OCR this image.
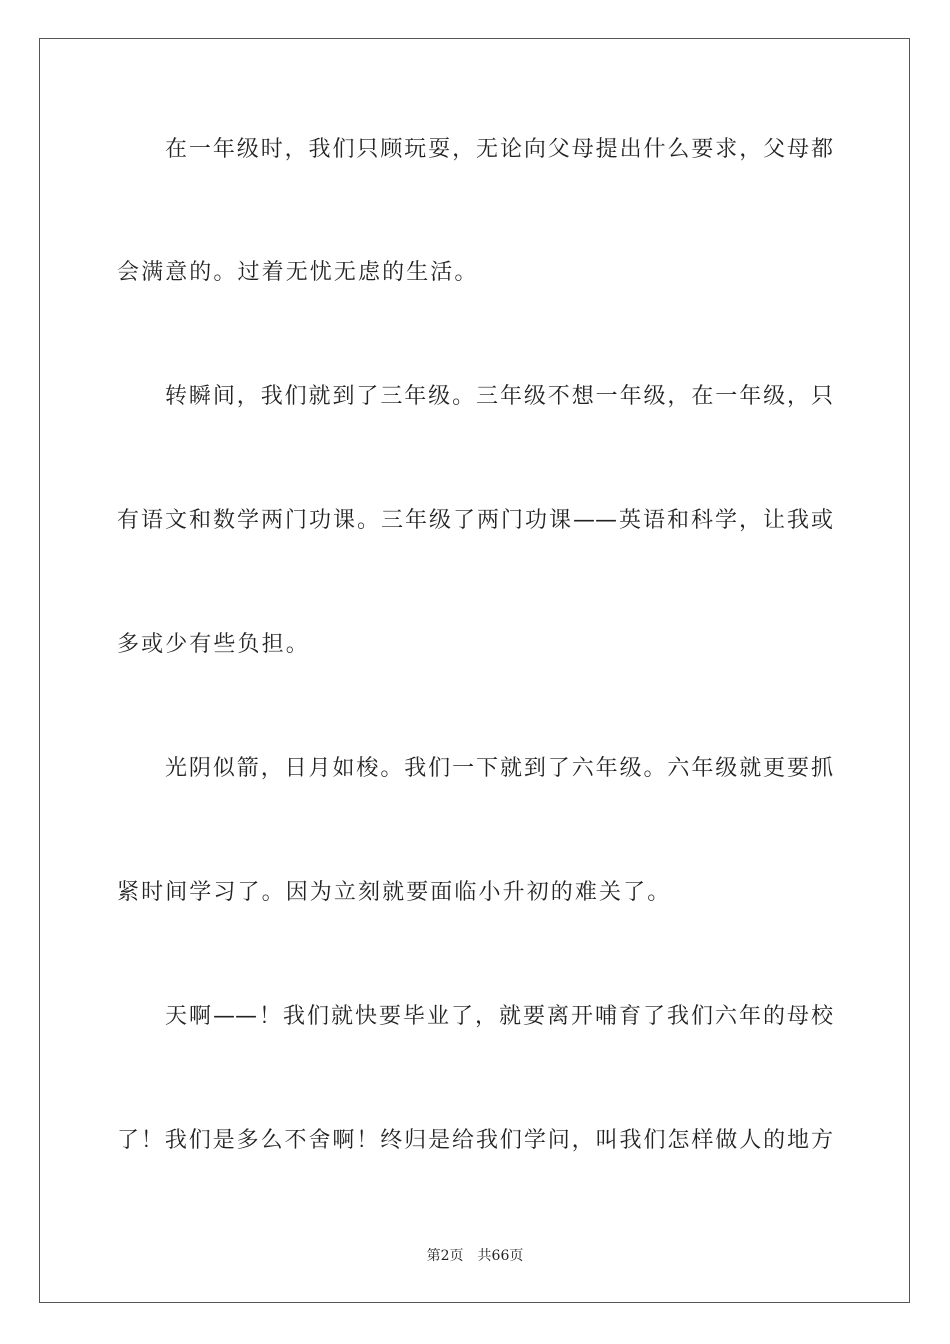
在一年级时，我们只顾玩耍，无论向父母提出什么要求，父母都
会满意的。过着无忧无虑的生活。
转瞬间，我们就到了三年级。三年级不想一年级，在一年级，只
有语文和数学两门功课。三年级了两门功课——英语和科学，让我或
多或少有些负担。
光阴似箭，日月如梭。我们一下就到了六年级。六年级就更要抓
紧时间学习了。因为立刻就要面临小升初的难关了。
天啊——！我们就快要毕业了，就要离开哺育了我们六年的母校
了！我们是多么不舍啊！终归是给我们学问，叫我们怎样做人的地方
第2页 共66页
